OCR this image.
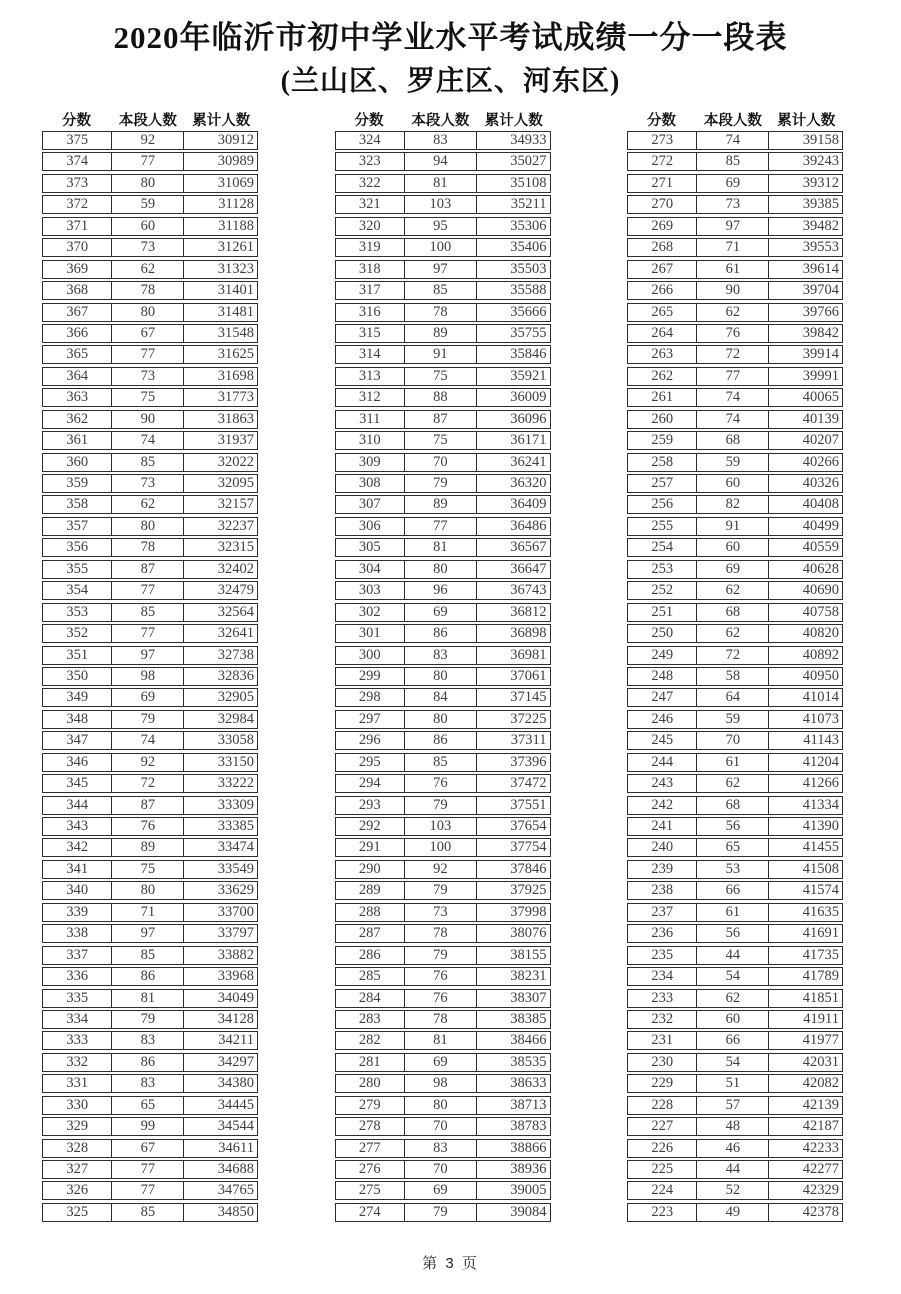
2020年临沂市初中学业水平考试成绩一分一段表
(兰山区、罗庄区、河东区)
分数	本段人数	累计人数
375	92	30912
374	77	30989
373	80	31069
372	59	31128
371	60	31188
370	73	31261
369	62	31323
368	78	31401
367	80	31481
366	67	31548
365	77	31625
364	73	31698
363	75	31773
362	90	31863
361	74	31937
360	85	32022
359	73	32095
358	62	32157
357	80	32237
356	78	32315
355	87	32402
354	77	32479
353	85	32564
352	77	32641
351	97	32738
350	98	32836
349	69	32905
348	79	32984
347	74	33058
346	92	33150
345	72	33222
344	87	33309
343	76	33385
342	89	33474
341	75	33549
340	80	33629
339	71	33700
338	97	33797
337	85	33882
336	86	33968
335	81	34049
334	79	34128
333	83	34211
332	86	34297
331	83	34380
330	65	34445
329	99	34544
328	67	34611
327	77	34688
326	77	34765
325	85	34850
分数	本段人数	累计人数
324	83	34933
323	94	35027
322	81	35108
321	103	35211
320	95	35306
319	100	35406
318	97	35503
317	85	35588
316	78	35666
315	89	35755
314	91	35846
313	75	35921
312	88	36009
311	87	36096
310	75	36171
309	70	36241
308	79	36320
307	89	36409
306	77	36486
305	81	36567
304	80	36647
303	96	36743
302	69	36812
301	86	36898
300	83	36981
299	80	37061
298	84	37145
297	80	37225
296	86	37311
295	85	37396
294	76	37472
293	79	37551
292	103	37654
291	100	37754
290	92	37846
289	79	37925
288	73	37998
287	78	38076
286	79	38155
285	76	38231
284	76	38307
283	78	38385
282	81	38466
281	69	38535
280	98	38633
279	80	38713
278	70	38783
277	83	38866
276	70	38936
275	69	39005
274	79	39084
分数	本段人数	累计人数
273	74	39158
272	85	39243
271	69	39312
270	73	39385
269	97	39482
268	71	39553
267	61	39614
266	90	39704
265	62	39766
264	76	39842
263	72	39914
262	77	39991
261	74	40065
260	74	40139
259	68	40207
258	59	40266
257	60	40326
256	82	40408
255	91	40499
254	60	40559
253	69	40628
252	62	40690
251	68	40758
250	62	40820
249	72	40892
248	58	40950
247	64	41014
246	59	41073
245	70	41143
244	61	41204
243	62	41266
242	68	41334
241	56	41390
240	65	41455
239	53	41508
238	66	41574
237	61	41635
236	56	41691
235	44	41735
234	54	41789
233	62	41851
232	60	41911
231	66	41977
230	54	42031
229	51	42082
228	57	42139
227	48	42187
226	46	42233
225	44	42277
224	52	42329
223	49	42378
第 3 页
